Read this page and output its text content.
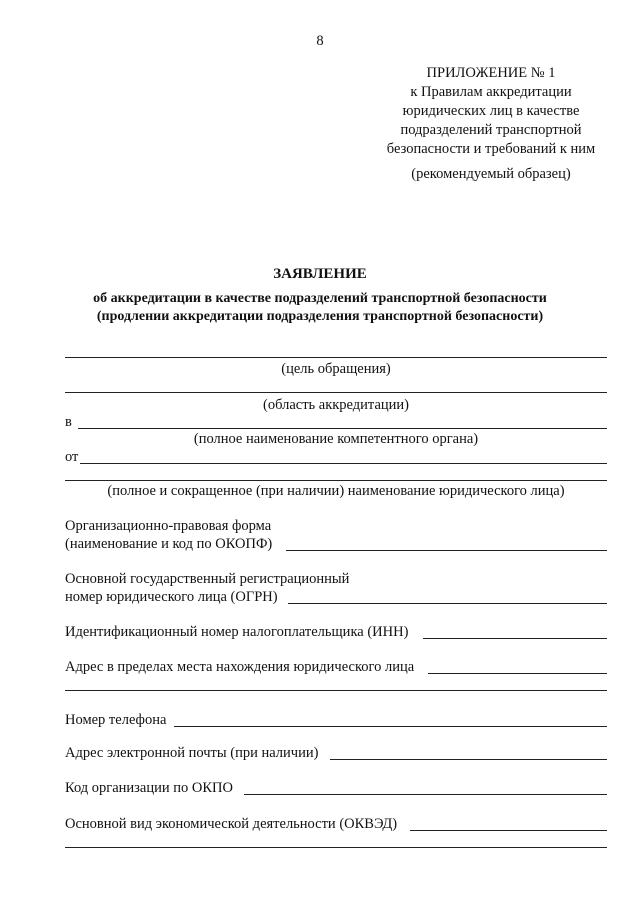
8
ПРИЛОЖЕНИЕ № 1
к Правилам аккредитации
юридических лиц в качестве
подразделений транспортной
безопасности и требований к ним
(рекомендуемый образец)
ЗАЯВЛЕНИЕ
об аккредитации в качестве подразделений транспортной безопасности
(продлении аккредитации подразделения транспортной безопасности)
(цель обращения)
(область аккредитации)
в
(полное наименование компетентного органа)
от
(полное и сокращенное (при наличии) наименование юридического лица)
Организационно-правовая форма
(наименование и код по ОКОПФ)
Основной государственный регистрационный
номер юридического лица (ОГРН)
Идентификационный номер налогоплательщика (ИНН)
Адрес в пределах места нахождения юридического лица
Номер телефона
Адрес электронной почты (при наличии)
Код организации по ОКПО
Основной вид экономической деятельности (ОКВЭД)
